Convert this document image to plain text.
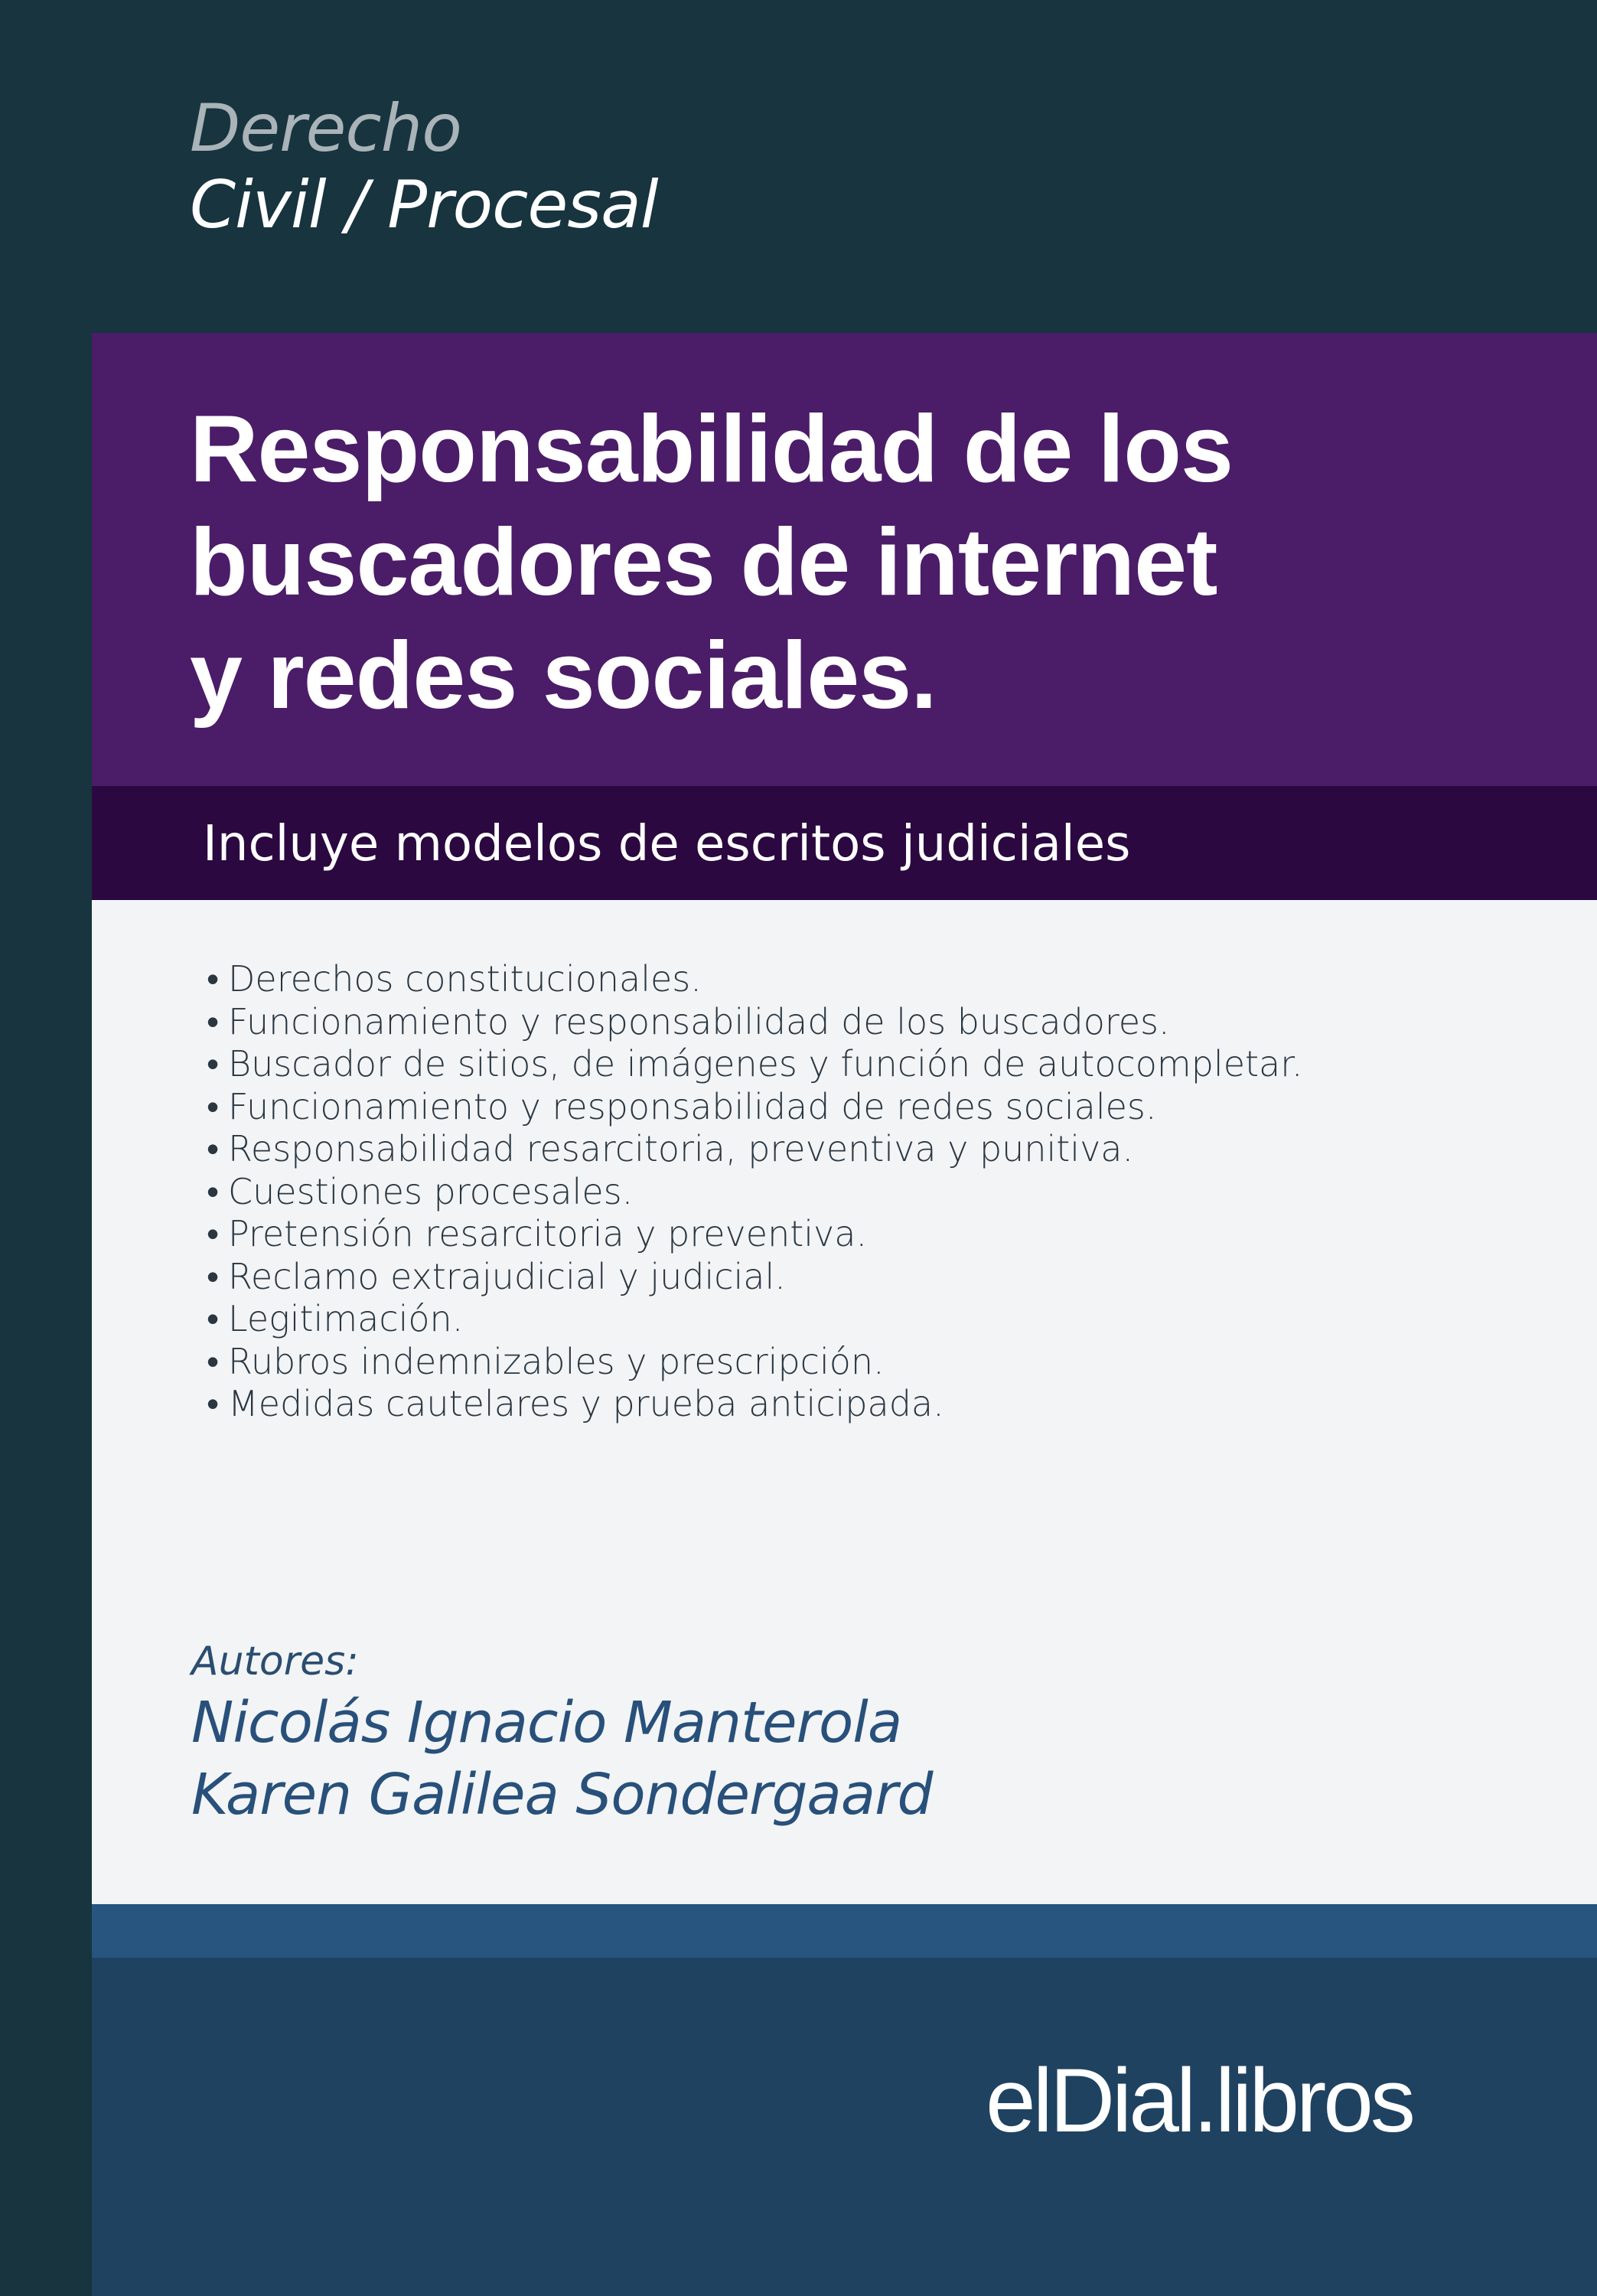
Derecho
Civil / Procesal
Responsabilidad de los
buscadores de internet
y redes sociales.
Incluye modelos de escritos judiciales
• Derechos constitucionales.
• Funcionamiento y responsabilidad de los buscadores.
• Buscador de sitios, de imágenes y función de autocompletar.
• Funcionamiento y responsabilidad de redes sociales.
• Responsabilidad resarcitoria, preventiva y punitiva.
• Cuestiones procesales.
• Pretensión resarcitoria y preventiva.
• Reclamo extrajudicial y judicial.
• Legitimación.
• Rubros indemnizables y prescripción.
• Medidas cautelares y prueba anticipada.
Autores:
Nicolás Ignacio Manterola
Karen Galilea Sondergaard
elDial.libros
